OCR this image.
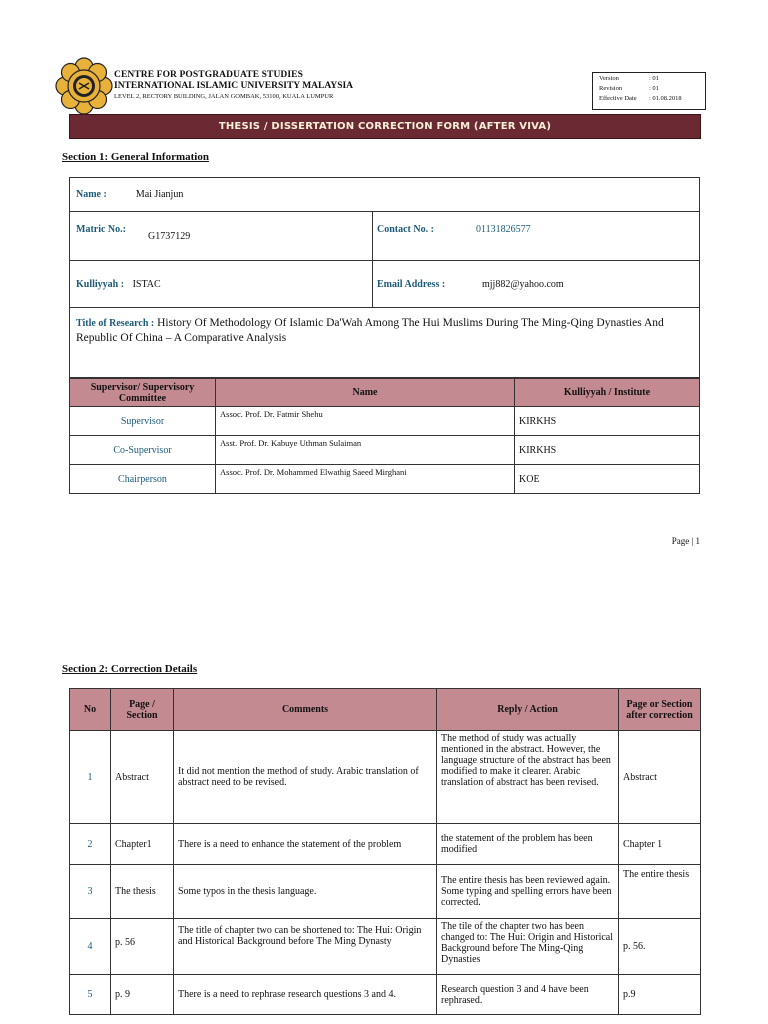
CENTRE FOR POSTGRADUATE STUDIES
INTERNATIONAL ISLAMIC UNIVERSITY MALAYSIA
LEVEL 2, RECTORY BUILDING, JALAN GOMBAK, 53100, KUALA LUMPUR
Version	: 01
Revision	: 01
Effective Date : 01.08.2018
THESIS / DISSERTATION CORRECTION FORM (AFTER VIVA)
Section 1: General Information
Name : Mai Jianjun			
Matric No.:	G1737129	Contact No. :	01131826577
Kulliyyah : ISTAC		Email Address :	mjj882@yahoo.com
Title of Research : History Of Methodology Of Islamic Da'Wah Among The Hui Muslims During The Ming-Qing Dynasties And Republic Of China – A Comparative Analysis			
Supervisor/ Supervisory Committee	Name	Kulliyyah / Institute
Supervisor	Assoc. Prof. Dr. Fatmir Shehu	KIRKHS
Co-Supervisor	Asst. Prof. Dr. Kabuye Uthman Sulaiman	KIRKHS
Chairperson	Assoc. Prof. Dr. Mohammed Elwathig Saeed Mirghani	KOE
Page | 1
Section 2: Correction Details
No	Page / Section	Comments	Reply / Action	Page or Section after correction
1	Abstract	It did not mention the method of study. Arabic translation of abstract need to be revised.	The method of study was actually mentioned in the abstract. However, the language structure of the abstract has been modified to make it clearer. Arabic translation of abstract has been revised.	Abstract
2	Chapter1	There is a need to enhance the statement of the problem	the statement of the problem has been modified	Chapter 1
3	The thesis	Some typos in the thesis language.	The entire thesis has been reviewed again. Some typing and spelling errors have been corrected.	The entire thesis
4	p. 56	The title of chapter two can be shortened to: The Hui: Origin and Historical Background before The Ming Dynasty	The tile of the chapter two has been changed to: The Hui: Origin and Historical Background before The Ming-Qing Dynasties	p. 56.
5	p. 9	There is a need to rephrase research questions 3 and 4.	Research question 3 and 4 have been rephrased.	p.9
